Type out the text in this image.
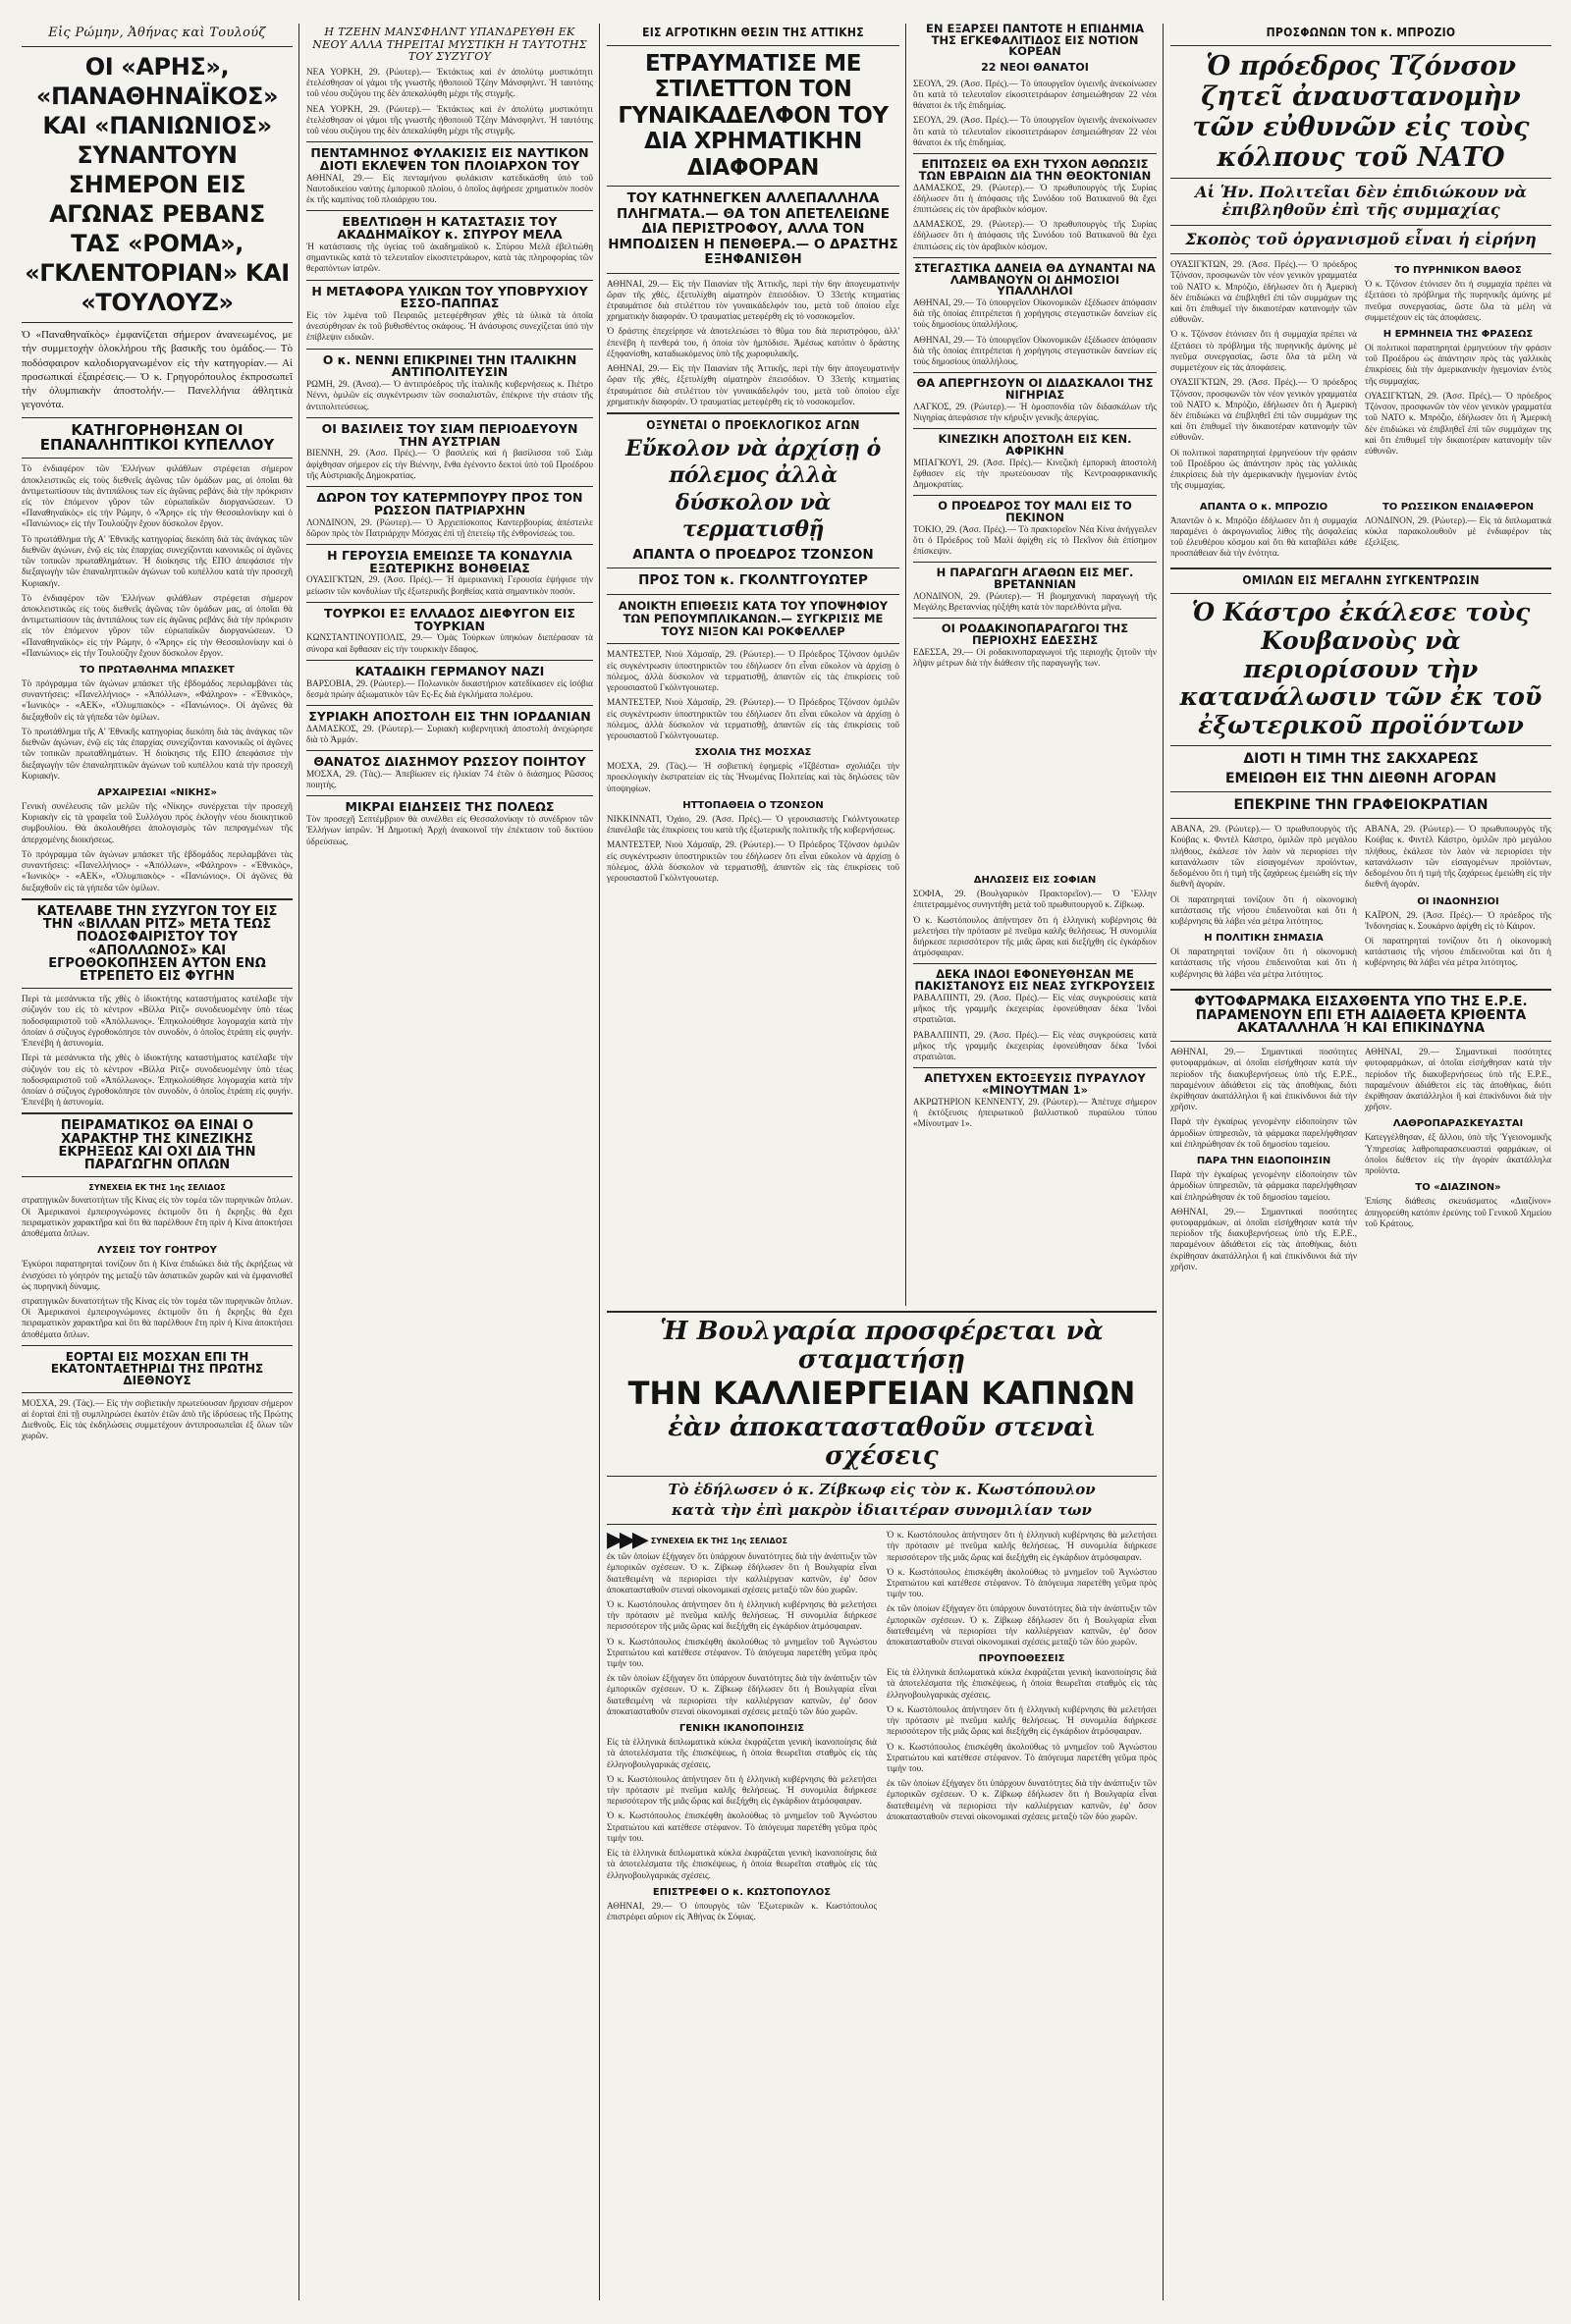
Εἰς Ρώμην, Ἀθήνας καὶ Τουλούζ
ΟΙ «ΑΡΗΣ», «ΠΑΝΑΘΗΝΑΪΚΟΣ» ΚΑΙ «ΠΑΝΙΩΝΙΟΣ» ΣΥΝΑΝΤΟΥΝ ΣΗΜΕΡΟΝ ΕΙΣ ΑΓΩΝΑΣ ΡΕΒΑΝΣ ΤΑΣ «ΡΟΜΑ», «ΓΚΛΕΝΤΟΡΙΑΝ» ΚΑΙ «ΤΟΥΛΟΥΖ»
Ὁ «Παναθηναϊκὸς» ἐμφανίζεται σήμερον ἀνανεωμένος, με τὴν συμμετοχὴν ὁλοκλήρου τῆς βασικῆς του ὁμάδος.— Τὸ ποδόσφαιρον καλοδιοργανωμένον εἰς τὴν κατηγορίαν.— Αἱ προσωπικαὶ ἐξαιρέσεις.— Ὁ κ. Γρηγορόπουλος ἐκπροσωπεῖ τὴν ὀλυμπιακὴν ἀποστολήν.— Πανελλήνια ἀθλητικὰ γεγονότα.
ΚΑΤΗΓΟΡΗΘΗΣΑΝ ΟΙ ΕΠΑΝΑΛΗΠΤΙΚΟΙ ΚΥΠΕΛΛΟΥ
Τὸ ἐνδιαφέρον τῶν Ἑλλήνων φιλάθλων στρέφεται σήμερον ἀποκλειστικῶς εἰς τοὺς διεθνεῖς ἀγῶνας τῶν ὁμάδων μας, αἱ ὁποῖαι θὰ ἀντιμετωπίσουν τὰς ἀντιπάλους των εἰς ἀγῶνας ρεβάνς διὰ τὴν πρόκρισιν εἰς τὸν ἑπόμενον γῦρον τῶν εὐρωπαϊκῶν διοργανώσεων. Ὁ «Παναθηναϊκὸς» εἰς τὴν Ρώμην, ὁ «Ἄρης» εἰς τὴν Θεσσαλονίκην καὶ ὁ «Πανιώνιος» εἰς τὴν Τουλούζην ἔχουν δύσκολον ἔργον.
Τὸ πρωτάθλημα τῆς Α' Ἐθνικῆς κατηγορίας διεκόπη διὰ τὰς ἀνάγκας τῶν διεθνῶν ἀγώνων, ἐνῷ εἰς τὰς ἐπαρχίας συνεχίζονται κανονικῶς οἱ ἀγῶνες τῶν τοπικῶν πρωταθλημάτων. Ἡ διοίκησις τῆς ΕΠΟ ἀπεφάσισε τὴν διεξαγωγὴν τῶν ἐπαναληπτικῶν ἀγώνων τοῦ κυπέλλου κατὰ τὴν προσεχῆ Κυριακήν.
Τὸ ἐνδιαφέρον τῶν Ἑλλήνων φιλάθλων στρέφεται σήμερον ἀποκλειστικῶς εἰς τοὺς διεθνεῖς ἀγῶνας τῶν ὁμάδων μας, αἱ ὁποῖαι θὰ ἀντιμετωπίσουν τὰς ἀντιπάλους των εἰς ἀγῶνας ρεβάνς διὰ τὴν πρόκρισιν εἰς τὸν ἑπόμενον γῦρον τῶν εὐρωπαϊκῶν διοργανώσεων. Ὁ «Παναθηναϊκὸς» εἰς τὴν Ρώμην, ὁ «Ἄρης» εἰς τὴν Θεσσαλονίκην καὶ ὁ «Πανιώνιος» εἰς τὴν Τουλούζην ἔχουν δύσκολον ἔργον.
ΤΟ ΠΡΩΤΑΘΛΗΜΑ ΜΠΑΣΚΕΤ
Τὸ πρόγραμμα τῶν ἀγώνων μπάσκετ τῆς ἑβδομάδος περιλαμβάνει τὰς συναντήσεις: «Πανελλήνιος» - «Ἀπόλλων», «Φάληρον» - «Ἐθνικὸς», «Ἰωνικὸς» - «ΑΕΚ», «Ὀλυμπιακὸς» - «Πανιώνιος». Οἱ ἀγῶνες θὰ διεξαχθοῦν εἰς τὰ γήπεδα τῶν ὁμίλων.
Τὸ πρωτάθλημα τῆς Α' Ἐθνικῆς κατηγορίας διεκόπη διὰ τὰς ἀνάγκας τῶν διεθνῶν ἀγώνων, ἐνῷ εἰς τὰς ἐπαρχίας συνεχίζονται κανονικῶς οἱ ἀγῶνες τῶν τοπικῶν πρωταθλημάτων. Ἡ διοίκησις τῆς ΕΠΟ ἀπεφάσισε τὴν διεξαγωγὴν τῶν ἐπαναληπτικῶν ἀγώνων τοῦ κυπέλλου κατὰ τὴν προσεχῆ Κυριακήν.
ΑΡΧΑΙΡΕΣΙΑΙ «ΝΙΚΗΣ»
Γενικὴ συνέλευσις τῶν μελῶν τῆς «Νίκης» συνέρχεται τὴν προσεχῆ Κυριακὴν εἰς τὰ γραφεῖα τοῦ Συλλόγου πρὸς ἐκλογὴν νέου διοικητικοῦ συμβουλίου. Θὰ ἀκολουθήσει ἀπολογισμὸς τῶν πεπραγμένων τῆς ἀπερχομένης διοικήσεως.
Τὸ πρόγραμμα τῶν ἀγώνων μπάσκετ τῆς ἑβδομάδος περιλαμβάνει τὰς συναντήσεις: «Πανελλήνιος» - «Ἀπόλλων», «Φάληρον» - «Ἐθνικὸς», «Ἰωνικὸς» - «ΑΕΚ», «Ὀλυμπιακὸς» - «Πανιώνιος». Οἱ ἀγῶνες θὰ διεξαχθοῦν εἰς τὰ γήπεδα τῶν ὁμίλων.
ΚΑΤΕΛΑΒΕ ΤΗΝ ΣΥΖΥΓΟΝ ΤΟΥ ΕΙΣ ΤΗΝ «ΒΙΛΛΑΝ ΡΙΤΖ» ΜΕΤΑ ΤΕΩΣ ΠΟΔΟΣΦΑΙΡΙΣΤΟΥ ΤΟΥ «ΑΠΟΛΛΩΝΟΣ» ΚΑΙ ΕΓΡΟΘΟΚΟΠΗΣΕΝ ΑΥΤΟΝ ΕΝΩ ΕΤΡΕΠΕΤΟ ΕΙΣ ΦΥΓΗΝ
Περὶ τὰ μεσάνυκτα τῆς χθὲς ὁ ἰδιοκτήτης καταστήματος κατέλαβε τὴν σύζυγόν του εἰς τὸ κέντρον «Βίλλα Ρίτζ» συνοδευομένην ὑπὸ τέως ποδοσφαιριστοῦ τοῦ «Ἀπόλλωνος». Ἐπηκολούθησε λογομαχία κατὰ τὴν ὁποίαν ὁ σύζυγος ἐγροθοκόπησε τὸν συνοδὸν, ὁ ὁποῖος ἐτράπη εἰς φυγήν. Ἐπενέβη ἡ ἀστυνομία.
Περὶ τὰ μεσάνυκτα τῆς χθὲς ὁ ἰδιοκτήτης καταστήματος κατέλαβε τὴν σύζυγόν του εἰς τὸ κέντρον «Βίλλα Ρίτζ» συνοδευομένην ὑπὸ τέως ποδοσφαιριστοῦ τοῦ «Ἀπόλλωνος». Ἐπηκολούθησε λογομαχία κατὰ τὴν ὁποίαν ὁ σύζυγος ἐγροθοκόπησε τὸν συνοδὸν, ὁ ὁποῖος ἐτράπη εἰς φυγήν. Ἐπενέβη ἡ ἀστυνομία.
ΠΕΙΡΑΜΑΤΙΚΟΣ ΘΑ ΕΙΝΑΙ Ο ΧΑΡΑΚΤΗΡ ΤΗΣ ΚΙΝΕΖΙΚΗΣ ΕΚΡΗΞΕΩΣ ΚΑΙ ΟΧΙ ΔΙΑ ΤΗΝ ΠΑΡΑΓΩΓΗΝ ΟΠΛΩΝ
ΣΥΝΕΧΕΙΑ ΕΚ ΤΗΣ 1ης ΣΕΛΙΔΟΣ
στρατηγικῶν δυνατοτήτων τῆς Κίνας εἰς τὸν τομέα τῶν πυρηνικῶν ὅπλων. Οἱ Ἀμερικανοὶ ἐμπειρογνώμονες ἐκτιμοῦν ὅτι ἡ ἔκρηξις θὰ ἔχει πειραματικὸν χαρακτῆρα καὶ ὅτι θὰ παρέλθουν ἔτη πρὶν ἡ Κίνα ἀποκτήσει ἀποθέματα ὅπλων.
ΛΥΣΕΙΣ ΤΟΥ ΓΟΗΤΡΟΥ
Ἐγκύροι παρατηρηταὶ τονίζουν ὅτι ἡ Κίνα ἐπιδιώκει διὰ τῆς ἐκρήξεως νὰ ἐνισχύσει τὸ γόητρόν της μεταξὺ τῶν ἀσιατικῶν χωρῶν καὶ νὰ ἐμφανισθεῖ ὡς πυρηνικὴ δύναμις.
στρατηγικῶν δυνατοτήτων τῆς Κίνας εἰς τὸν τομέα τῶν πυρηνικῶν ὅπλων. Οἱ Ἀμερικανοὶ ἐμπειρογνώμονες ἐκτιμοῦν ὅτι ἡ ἔκρηξις θὰ ἔχει πειραματικὸν χαρακτῆρα καὶ ὅτι θὰ παρέλθουν ἔτη πρὶν ἡ Κίνα ἀποκτήσει ἀποθέματα ὅπλων.
ΕΟΡΤΑΙ ΕΙΣ ΜΟΣΧΑΝ ΕΠΙ ΤΗ ΕΚΑΤΟΝΤΑΕΤΗΡΙΔΙ ΤΗΣ ΠΡΩΤΗΣ ΔΙΕΘΝΟΥΣ
ΜΟΣΧΑ, 29. (Τὰς).— Εἰς τὴν σοβιετικὴν πρωτεύουσαν ἤρχισαν σήμερον αἱ ἑορταὶ ἐπὶ τῇ συμπληρώσει ἑκατὸν ἐτῶν ἀπὸ τῆς ἱδρύσεως τῆς Πρώτης Διεθνοῦς. Εἰς τὰς ἐκδηλώσεις συμμετέχουν ἀντιπροσωπεῖαι ἐξ ὅλων τῶν χωρῶν.
Η ΤΖΕΗΝ ΜΑΝΣΦΗΛΝΤ ΥΠΑΝΔΡΕΥΘΗ ΕΚ ΝΕΟΥ ΑΛΛΑ ΤΗΡΕΙΤΑΙ ΜΥΣΤΙΚΗ Η ΤΑΥΤΟΤΗΣ ΤΟΥ ΣΥΖΥΓΟΥ
ΝΕΑ ΥΟΡΚΗ, 29. (Ρώυτερ).— Ἐκτάκτως καὶ ἐν ἀπολύτῳ μυστικότητι ἐτελέσθησαν οἱ γάμοι τῆς γνωστῆς ἠθοποιοῦ Τζέην Μάνσφηλντ. Ἡ ταυτότης τοῦ νέου συζύγου της δὲν ἀπεκαλύφθη μέχρι τῆς στιγμῆς.
ΝΕΑ ΥΟΡΚΗ, 29. (Ρώυτερ).— Ἐκτάκτως καὶ ἐν ἀπολύτῳ μυστικότητι ἐτελέσθησαν οἱ γάμοι τῆς γνωστῆς ἠθοποιοῦ Τζέην Μάνσφηλντ. Ἡ ταυτότης τοῦ νέου συζύγου της δὲν ἀπεκαλύφθη μέχρι τῆς στιγμῆς.
ΠΕΝΤΑΜΗΝΟΣ ΦΥΛΑΚΙΣΙΣ ΕΙΣ ΝΑΥΤΙΚΟΝ ΔΙΟΤΙ ΕΚΛΕΨΕΝ ΤΟΝ ΠΛΟΙΑΡΧΟΝ ΤΟΥ
ΑΘΗΝΑΙ, 29.— Εἰς πενταμήνου φυλάκισιν κατεδικάσθη ὑπὸ τοῦ Ναυτοδικείου ναύτης ἐμπορικοῦ πλοίου, ὁ ὁποῖος ἀφήρεσε χρηματικὸν ποσὸν ἐκ τῆς καμπίνας τοῦ πλοιάρχου του.
ΕΒΕΛΤΙΩΘΗ Η ΚΑΤΑΣΤΑΣΙΣ ΤΟΥ ΑΚΑΔΗΜΑΪΚΟΥ κ. ΣΠΥΡΟΥ ΜΕΛΑ
Ἡ κατάστασις τῆς ὑγείας τοῦ ἀκαδημαϊκοῦ κ. Σπύρου Μελᾶ ἐβελτιώθη σημαντικῶς κατὰ τὸ τελευταῖον εἰκοσιτετράωρον, κατὰ τὰς πληροφορίας τῶν θεραπόντων ἰατρῶν.
Η ΜΕΤΑΦΟΡΑ ΥΛΙΚΩΝ ΤΟΥ ΥΠΟΒΡΥΧΙΟΥ ΕΣΣΟ-ΠΑΠΠΑΣ
Εἰς τὸν λιμένα τοῦ Πειραιῶς μετεφέρθησαν χθὲς τὰ ὑλικὰ τὰ ὁποῖα ἀνεσύρθησαν ἐκ τοῦ βυθισθέντος σκάφους. Ἡ ἀνάσυρσις συνεχίζεται ὑπὸ τὴν ἐπίβλεψιν ειδικῶν.
Ο κ. ΝΕΝΝΙ ΕΠΙΚΡΙΝΕΙ ΤΗΝ ΙΤΑΛΙΚΗΝ ΑΝΤΙΠΟΛΙΤΕΥΣΙΝ
ΡΩΜΗ, 29. (Ἀνσα).— Ὁ ἀντιπρόεδρος τῆς ἰταλικῆς κυβερνήσεως κ. Πιέτρο Νέννι, ὁμιλῶν εἰς συγκέντρωσιν τῶν σοσιαλιστῶν, ἐπέκρινε τὴν στάσιν τῆς ἀντιπολιτεύσεως.
ΟΙ ΒΑΣΙΛΕΙΣ ΤΟΥ ΣΙΑΜ ΠΕΡΙΟΔΕΥΟΥΝ ΤΗΝ ΑΥΣΤΡΙΑΝ
ΒΙΕΝΝΗ, 29. (Ἀσσ. Πρές).— Ὁ βασιλεὺς καὶ ἡ βασίλισσα τοῦ Σιὰμ ἀφίχθησαν σήμερον εἰς τὴν Βιέννην, ἔνθα ἐγένοντο δεκτοὶ ὑπὸ τοῦ Προέδρου τῆς Αὐστριακῆς Δημοκρατίας.
ΔΩΡΟΝ ΤΟΥ ΚΑΤΕΡΜΠΟΥΡΥ ΠΡΟΣ ΤΟΝ ΡΩΣΣΟΝ ΠΑΤΡΙΑΡΧΗΝ
ΛΟΝΔΙΝΟΝ, 29. (Ρώυτερ).— Ὁ Ἀρχιεπίσκοπος Καντερβουρίας ἀπέστειλε δῶρον πρὸς τὸν Πατριάρχην Μόσχας ἐπὶ τῇ ἐπετείῳ τῆς ἐνθρονίσεώς του.
Η ΓΕΡΟΥΣΙΑ ΕΜΕΙΩΣΕ ΤΑ ΚΟΝΔΥΛΙΑ ΕΞΩΤΕΡΙΚΗΣ ΒΟΗΘΕΙΑΣ
ΟΥΑΣΙΓΚΤΩΝ, 29. (Ἀσσ. Πρές).— Ἡ ἀμερικανικὴ Γερουσία ἐψήφισε τὴν μείωσιν τῶν κονδυλίων τῆς ἐξωτερικῆς βοηθείας κατὰ σημαντικὸν ποσόν.
ΤΟΥΡΚΟΙ ΕΞ ΕΛΛΑΔΟΣ ΔΙΕΦΥΓΟΝ ΕΙΣ ΤΟΥΡΚΙΑΝ
ΚΩΝΣΤΑΝΤΙΝΟΥΠΟΛΙΣ, 29.— Ὁμὰς Τούρκων ὑπηκόων διεπέρασαν τὰ σύνορα καὶ ἔφθασαν εἰς τὴν τουρκικὴν ἔδαφος.
ΚΑΤΑΔΙΚΗ ΓΕΡΜΑΝΟΥ ΝΑΖΙ
ΒΑΡΣΟΒΙΑ, 29. (Ρώυτερ).— Πολωνικὸν δικαστήριον κατεδίκασεν εἰς ἰσόβια δεσμὰ πρώην ἀξιωματικὸν τῶν Ες-Ες διὰ ἐγκλήματα πολέμου.
ΣΥΡΙΑΚΗ ΑΠΟΣΤΟΛΗ ΕΙΣ ΤΗΝ ΙΟΡΔΑΝΙΑΝ
ΔΑΜΑΣΚΟΣ, 29. (Ρώυτερ).— Συριακὴ κυβερνητικὴ ἀποστολὴ ἀνεχώρησε διὰ τὸ Ἀμμάν.
ΘΑΝΑΤΟΣ ΔΙΑΣΗΜΟΥ ΡΩΣΣΟΥ ΠΟΙΗΤΟΥ
ΜΟΣΧΑ, 29. (Τὰς).— Ἀπεβίωσεν εἰς ἡλικίαν 74 ἐτῶν ὁ διάσημος Ρῶσσος ποιητὴς.
ΜΙΚΡΑΙ ΕΙΔΗΣΕΙΣ ΤΗΣ ΠΟΛΕΩΣ
Τὸν προσεχῆ Σεπτέμβριον θὰ συνέλθει εἰς Θεσσαλονίκην τὸ συνέδριον τῶν Ἑλλήνων ἰατρῶν. Ἡ Δημοτικὴ Ἀρχὴ ἀνακοινοῖ τὴν ἐπέκτασιν τοῦ δικτύου ὑδρεύσεως.
ΕΙΣ ΑΓΡΟΤΙΚΗΝ ΘΕΣΙΝ ΤΗΣ ΑΤΤΙΚΗΣ
ΕΤΡΑΥΜΑΤΙΣΕ ΜΕ ΣΤΙΛΕΤΤΟΝ ΤΟΝ ΓΥΝΑΙΚΑΔΕΛΦΟΝ ΤΟΥ ΔΙΑ ΧΡΗΜΑΤΙΚΗΝ ΔΙΑΦΟΡΑΝ
ΤΟΥ ΚΑΤΗΝΕΓΚΕΝ ΑΛΛΕΠΑΛΛΗΛΑ ΠΛΗΓΜΑΤΑ.— ΘΑ ΤΟΝ ΑΠΕΤΕΛΕΙΩΝΕ ΔΙΑ ΠΕΡΙΣΤΡΟΦΟΥ, ΑΛΛΑ ΤΟΝ ΗΜΠΟΔΙΣΕΝ Η ΠΕΝΘΕΡΑ.— Ο ΔΡΑΣΤΗΣ ΕΞΗΦΑΝΙΣΘΗ
ΑΘΗΝΑΙ, 29.— Εἰς τὴν Παιανίαν τῆς Ἀττικῆς, περὶ τὴν 6ην ἀπογευματινὴν ὥραν τῆς χθές, ἐξετυλίχθη αἱματηρὸν ἐπεισόδιον. Ὁ 33ετὴς κτηματίας ἐτραυμάτισε διὰ στιλέττου τὸν γυναικάδελφόν του, μετὰ τοῦ ὁποίου εἶχε χρηματικὴν διαφοράν. Ὁ τραυματίας μετεφέρθη εἰς τὸ νοσοκομεῖον.
Ὁ δράστης ἐπεχείρησε νὰ ἀποτελειώσει τὸ θῦμα του διὰ περιστρόφου, ἀλλ' ἐπενέβη ἡ πενθερά του, ἡ ὁποία τὸν ἠμπόδισε. Ἀμέσως κατόπιν ὁ δράστης ἐξηφανίσθη, καταδιωκόμενος ὑπὸ τῆς χωροφυλακῆς.
ΑΘΗΝΑΙ, 29.— Εἰς τὴν Παιανίαν τῆς Ἀττικῆς, περὶ τὴν 6ην ἀπογευματινὴν ὥραν τῆς χθές, ἐξετυλίχθη αἱματηρὸν ἐπεισόδιον. Ὁ 33ετὴς κτηματίας ἐτραυμάτισε διὰ στιλέττου τὸν γυναικάδελφόν του, μετὰ τοῦ ὁποίου εἶχε χρηματικὴν διαφοράν. Ὁ τραυματίας μετεφέρθη εἰς τὸ νοσοκομεῖον.
ΟΞΥΝΕΤΑΙ Ο ΠΡΟΕΚΛΟΓΙΚΟΣ ΑΓΩΝ
Εὔκολον νὰ ἀρχίσῃ ὁ πόλεμος ἀλλὰ δύσκολον νὰ τερματισθῇ
ΑΠΑΝΤΑ Ο ΠΡΟΕΔΡΟΣ ΤΖΟΝΣΟΝ
ΠΡΟΣ ΤΟΝ κ. ΓΚΟΛΝΤΓΟΥΩΤΕΡ
ΑΝΟΙΚΤΗ ΕΠΙΘΕΣΙΣ ΚΑΤΑ ΤΟΥ ΥΠΟΨΗΦΙΟΥ ΤΩΝ ΡΕΠΟΥΜΠΛΙΚΑΝΩΝ.— ΣΥΓΚΡΙΣΙΣ ΜΕ ΤΟΥΣ ΝΙΞΟΝ ΚΑΙ ΡΟΚΦΕΛΛΕΡ
ΜΑΝΤΕΣΤΕΡ, Νιοὺ Χάμσαϊρ, 29. (Ρώυτερ).— Ὁ Πρόεδρος Τζόνσον ὁμιλῶν εἰς συγκέντρωσιν ὑποστηρικτῶν του ἐδήλωσεν ὅτι εἶναι εὔκολον νὰ ἀρχίσῃ ὁ πόλεμος, ἀλλὰ δύσκολον νὰ τερματισθῇ, ἀπαντῶν εἰς τὰς ἐπικρίσεις τοῦ γερουσιαστοῦ Γκόλντγουωτερ.
ΜΑΝΤΕΣΤΕΡ, Νιοὺ Χάμσαϊρ, 29. (Ρώυτερ).— Ὁ Πρόεδρος Τζόνσον ὁμιλῶν εἰς συγκέντρωσιν ὑποστηρικτῶν του ἐδήλωσεν ὅτι εἶναι εὔκολον νὰ ἀρχίσῃ ὁ πόλεμος, ἀλλὰ δύσκολον νὰ τερματισθῇ, ἀπαντῶν εἰς τὰς ἐπικρίσεις τοῦ γερουσιαστοῦ Γκόλντγουωτερ.
ΣΧΟΛΙΑ ΤΗΣ ΜΟΣΧΑΣ
ΜΟΣΧΑ, 29. (Τὰς).— Ἡ σοβιετικὴ ἐφημερὶς «Ἰζβέστια» σχολιάζει τὴν προεκλογικὴν ἐκστρατείαν εἰς τὰς Ἡνωμένας Πολιτείας καὶ τὰς δηλώσεις τῶν ὑποψηφίων.
ΗΤΤΟΠΑΘΕΙΑ Ο ΤΖΟΝΣΟΝ
ΝΙΚΚΙΝΝΑΤΙ, Ὀχάιο, 29. (Ἀσσ. Πρές).— Ὁ γερουσιαστὴς Γκόλντγουωτερ ἐπανέλαβε τὰς ἐπικρίσεις του κατὰ τῆς ἐξωτερικῆς πολιτικῆς τῆς κυβερνήσεως.
ΜΑΝΤΕΣΤΕΡ, Νιοὺ Χάμσαϊρ, 29. (Ρώυτερ).— Ὁ Πρόεδρος Τζόνσον ὁμιλῶν εἰς συγκέντρωσιν ὑποστηρικτῶν του ἐδήλωσεν ὅτι εἶναι εὔκολον νὰ ἀρχίσῃ ὁ πόλεμος, ἀλλὰ δύσκολον νὰ τερματισθῇ, ἀπαντῶν εἰς τὰς ἐπικρίσεις τοῦ γερουσιαστοῦ Γκόλντγουωτερ.
ΕΝ ΕΞΑΡΣΕΙ ΠΑΝΤΟΤΕ Η ΕΠΙΔΗΜΙΑ ΤΗΣ ΕΓΚΕΦΑΛΙΤΙΔΟΣ ΕΙΣ ΝΟΤΙΟΝ ΚΟΡΕΑΝ
22 ΝΕΟΙ ΘΑΝΑΤΟΙ
ΣΕΟΥΛ, 29. (Ἀσσ. Πρές).— Τὸ ὑπουργεῖον ὑγιεινῆς ἀνεκοίνωσεν ὅτι κατὰ τὸ τελευταῖον εἰκοσιτετράωρον ἐσημειώθησαν 22 νέοι θάνατοι ἐκ τῆς ἐπιδημίας.
ΣΕΟΥΛ, 29. (Ἀσσ. Πρές).— Τὸ ὑπουργεῖον ὑγιεινῆς ἀνεκοίνωσεν ὅτι κατὰ τὸ τελευταῖον εἰκοσιτετράωρον ἐσημειώθησαν 22 νέοι θάνατοι ἐκ τῆς ἐπιδημίας.
ΕΠΙΤΩΣΕΙΣ ΘΑ ΕΧΗ ΤΥΧΟΝ ΑΘΩΩΣΙΣ ΤΩΝ ΕΒΡΑΙΩΝ ΔΙΑ ΤΗΝ ΘΕΟΚΤΟΝΙΑΝ
ΔΑΜΑΣΚΟΣ, 29. (Ρώυτερ).— Ὁ πρωθυπουργὸς τῆς Συρίας ἐδήλωσεν ὅτι ἡ ἀπόφασις τῆς Συνόδου τοῦ Βατικανοῦ θὰ ἔχει ἐπιπτώσεις εἰς τὸν ἀραβικὸν κόσμον.
ΔΑΜΑΣΚΟΣ, 29. (Ρώυτερ).— Ὁ πρωθυπουργὸς τῆς Συρίας ἐδήλωσεν ὅτι ἡ ἀπόφασις τῆς Συνόδου τοῦ Βατικανοῦ θὰ ἔχει ἐπιπτώσεις εἰς τὸν ἀραβικὸν κόσμον.
ΣΤΕΓΑΣΤΙΚΑ ΔΑΝΕΙΑ ΘΑ ΔΥΝΑΝΤΑΙ ΝΑ ΛΑΜΒΑΝΟΥΝ ΟΙ ΔΗΜΟΣΙΟΙ ΥΠΑΛΛΗΛΟΙ
ΑΘΗΝΑΙ, 29.— Τὸ ὑπουργεῖον Οἰκονομικῶν ἐξέδωσεν ἀπόφασιν διὰ τῆς ὁποίας ἐπιτρέπεται ἡ χορήγησις στεγαστικῶν δανείων εἰς τοὺς δημοσίους ὑπαλλήλους.
ΑΘΗΝΑΙ, 29.— Τὸ ὑπουργεῖον Οἰκονομικῶν ἐξέδωσεν ἀπόφασιν διὰ τῆς ὁποίας ἐπιτρέπεται ἡ χορήγησις στεγαστικῶν δανείων εἰς τοὺς δημοσίους ὑπαλλήλους.
ΘΑ ΑΠΕΡΓΗΣΟΥΝ ΟΙ ΔΙΔΑΣΚΑΛΟΙ ΤΗΣ ΝΙΓΗΡΙΑΣ
ΛΑΓΚΟΣ, 29. (Ρώυτερ).— Ἡ ὁμοσπονδία τῶν διδασκάλων τῆς Νιγηρίας ἀπεφάσισε τὴν κήρυξιν γενικῆς ἀπεργίας.
ΚΙΝΕΖΙΚΗ ΑΠΟΣΤΟΛΗ ΕΙΣ ΚΕΝ. ΑΦΡΙΚΗΝ
ΜΠΑΓΚΟΥΙ, 29. (Ἀσσ. Πρές).— Κινεζικὴ ἐμπορικὴ ἀποστολὴ ἔφθασεν εἰς τὴν πρωτεύουσαν τῆς Κεντροαφρικανικῆς Δημοκρατίας.
Ο ΠΡΟΕΔΡΟΣ ΤΟΥ ΜΑΛΙ ΕΙΣ ΤΟ ΠΕΚΙΝΟΝ
ΤΟΚΙΟ, 29. (Ἀσσ. Πρές).— Τὸ πρακτορεῖον Νέα Κίνα ἀνήγγειλεν ὅτι ὁ Πρόεδρος τοῦ Μαλὶ ἀφίχθη εἰς τὸ Πεκῖνον διὰ ἐπίσημον ἐπίσκεψιν.
Η ΠΑΡΑΓΩΓΗ ΑΓΑΘΩΝ ΕΙΣ ΜΕΓ. ΒΡΕΤΑΝΝΙΑΝ
ΛΟΝΔΙΝΟΝ, 29. (Ρώυτερ).— Ἡ βιομηχανικὴ παραγωγὴ τῆς Μεγάλης Βρεταννίας ηὐξήθη κατὰ τὸν παρελθόντα μῆνα.
ΟΙ ΡΟΔΑΚΙΝΟΠΑΡΑΓΩΓΟΙ ΤΗΣ ΠΕΡΙΟΧΗΣ ΕΔΕΣΣΗΣ
ΕΔΕΣΣΑ, 29.— Οἱ ροδακινοπαραγωγοὶ τῆς περιοχῆς ζητοῦν τὴν λῆψιν μέτρων διὰ τὴν διάθεσιν τῆς παραγωγῆς των.
ΔΗΛΩΣΕΙΣ ΕΙΣ ΣΟΦΙΑΝ
ΣΟΦΙΑ, 29. (Βουλγαρικὸν Πρακτορεῖον).— Ὁ Ἕλλην ἐπιτετραμμένος συνηντήθη μετὰ τοῦ πρωθυπουργοῦ κ. Ζίβκωφ.
Ὁ κ. Κωστόπουλος ἀπήντησεν ὅτι ἡ ἑλληνικὴ κυβέρνησις θὰ μελετήσει τὴν πρότασιν μὲ πνεῦμα καλῆς θελήσεως. Ἡ συνομιλία διήρκεσε περισσότερον τῆς μιᾶς ὥρας καὶ διεξήχθη εἰς ἐγκάρδιον ἀτμόσφαιραν.
ΔΕΚΑ ΙΝΔΟΙ ΕΦΟΝΕΥΘΗΣΑΝ ΜΕ ΠΑΚΙΣΤΑΝΟΥΣ ΕΙΣ ΝΕΑΣ ΣΥΓΚΡΟΥΣΕΙΣ
ΡΑΒΑΛΠΙΝΤΙ, 29. (Ἀσσ. Πρές).— Εἰς νέας συγκρούσεις κατὰ μῆκος τῆς γραμμῆς ἐκεχειρίας ἐφονεύθησαν δέκα Ἰνδοὶ στρατιῶται.
ΡΑΒΑΛΠΙΝΤΙ, 29. (Ἀσσ. Πρές).— Εἰς νέας συγκρούσεις κατὰ μῆκος τῆς γραμμῆς ἐκεχειρίας ἐφονεύθησαν δέκα Ἰνδοὶ στρατιῶται.
ΑΠΕΤΥΧΕΝ ΕΚΤΟΞΕΥΣΙΣ ΠΥΡΑΥΛΟΥ «ΜΙΝΟΥΤΜΑΝ 1»
ΑΚΡΩΤΗΡΙΟΝ ΚΕΝΝΕΝΤΥ, 29. (Ρώυτερ).— Ἀπέτυχε σήμερον ἡ ἐκτόξευσις ἠπειρωτικοῦ βαλλιστικοῦ πυραύλου τύπου «Μίνουτμαν 1».
Ἡ Βουλγαρία προσφέρεται νὰ σταματήσῃ
ΤΗΝ ΚΑΛΛΙΕΡΓΕΙΑΝ ΚΑΠΝΩΝ
ἐὰν ἀποκατασταθοῦν στεναὶ σχέσεις
Τὸ ἐδήλωσεν ὁ κ. Ζίβκωφ εἰς τὸν κ. Κωστόπουλον
κατὰ τὴν ἐπὶ μακρὸν ἰδιαιτέραν συνομιλίαν των
▶▶▶ ΣΥΝΕΧΕΙΑ ΕΚ ΤΗΣ 1ης ΣΕΛΙΔΟΣ
ἐκ τῶν ὁποίων ἐξήγαγεν ὅτι ὑπάρχουν δυνατότητες διὰ τὴν ἀνάπτυξιν τῶν ἐμπορικῶν σχέσεων. Ὁ κ. Ζίβκωφ ἐδήλωσεν ὅτι ἡ Βουλγαρία εἶναι διατεθειμένη νὰ περιορίσει τὴν καλλιέργειαν καπνῶν, ἐφ' ὅσον ἀποκατασταθοῦν στεναὶ οἰκονομικαὶ σχέσεις μεταξὺ τῶν δύο χωρῶν.
Ὁ κ. Κωστόπουλος ἀπήντησεν ὅτι ἡ ἑλληνικὴ κυβέρνησις θὰ μελετήσει τὴν πρότασιν μὲ πνεῦμα καλῆς θελήσεως. Ἡ συνομιλία διήρκεσε περισσότερον τῆς μιᾶς ὥρας καὶ διεξήχθη εἰς ἐγκάρδιον ἀτμόσφαιραν.
Ὁ κ. Κωστόπουλος ἐπισκέφθη ἀκολούθως τὸ μνημεῖον τοῦ Ἀγνώστου Στρατιώτου καὶ κατέθεσε στέφανον. Τὸ ἀπόγευμα παρετέθη γεῦμα πρὸς τιμήν του.
ἐκ τῶν ὁποίων ἐξήγαγεν ὅτι ὑπάρχουν δυνατότητες διὰ τὴν ἀνάπτυξιν τῶν ἐμπορικῶν σχέσεων. Ὁ κ. Ζίβκωφ ἐδήλωσεν ὅτι ἡ Βουλγαρία εἶναι διατεθειμένη νὰ περιορίσει τὴν καλλιέργειαν καπνῶν, ἐφ' ὅσον ἀποκατασταθοῦν στεναὶ οἰκονομικαὶ σχέσεις μεταξὺ τῶν δύο χωρῶν.
ΓΕΝΙΚΗ ΙΚΑΝΟΠΟΙΗΣΙΣ
Εἰς τὰ ἑλληνικὰ διπλωματικὰ κύκλα ἐκφράζεται γενικὴ ἱκανοποίησις διὰ τὰ ἀποτελέσματα τῆς ἐπισκέψεως, ἡ ὁποία θεωρεῖται σταθμὸς εἰς τὰς ἑλληνοβουλγαρικὰς σχέσεις.
Ὁ κ. Κωστόπουλος ἀπήντησεν ὅτι ἡ ἑλληνικὴ κυβέρνησις θὰ μελετήσει τὴν πρότασιν μὲ πνεῦμα καλῆς θελήσεως. Ἡ συνομιλία διήρκεσε περισσότερον τῆς μιᾶς ὥρας καὶ διεξήχθη εἰς ἐγκάρδιον ἀτμόσφαιραν.
Ὁ κ. Κωστόπουλος ἐπισκέφθη ἀκολούθως τὸ μνημεῖον τοῦ Ἀγνώστου Στρατιώτου καὶ κατέθεσε στέφανον. Τὸ ἀπόγευμα παρετέθη γεῦμα πρὸς τιμήν του.
Εἰς τὰ ἑλληνικὰ διπλωματικὰ κύκλα ἐκφράζεται γενικὴ ἱκανοποίησις διὰ τὰ ἀποτελέσματα τῆς ἐπισκέψεως, ἡ ὁποία θεωρεῖται σταθμὸς εἰς τὰς ἑλληνοβουλγαρικὰς σχέσεις.
ΕΠΙΣΤΡΕΦΕΙ Ο κ. ΚΩΣΤΟΠΟΥΛΟΣ
ΑΘΗΝΑΙ, 29.— Ὁ ὑπουργὸς τῶν Ἐξωτερικῶν κ. Κωστόπουλος ἐπιστρέφει αὔριον εἰς Ἀθήνας ἐκ Σόφιας.
Ὁ κ. Κωστόπουλος ἀπήντησεν ὅτι ἡ ἑλληνικὴ κυβέρνησις θὰ μελετήσει τὴν πρότασιν μὲ πνεῦμα καλῆς θελήσεως. Ἡ συνομιλία διήρκεσε περισσότερον τῆς μιᾶς ὥρας καὶ διεξήχθη εἰς ἐγκάρδιον ἀτμόσφαιραν.
Ὁ κ. Κωστόπουλος ἐπισκέφθη ἀκολούθως τὸ μνημεῖον τοῦ Ἀγνώστου Στρατιώτου καὶ κατέθεσε στέφανον. Τὸ ἀπόγευμα παρετέθη γεῦμα πρὸς τιμήν του.
ἐκ τῶν ὁποίων ἐξήγαγεν ὅτι ὑπάρχουν δυνατότητες διὰ τὴν ἀνάπτυξιν τῶν ἐμπορικῶν σχέσεων. Ὁ κ. Ζίβκωφ ἐδήλωσεν ὅτι ἡ Βουλγαρία εἶναι διατεθειμένη νὰ περιορίσει τὴν καλλιέργειαν καπνῶν, ἐφ' ὅσον ἀποκατασταθοῦν στεναὶ οἰκονομικαὶ σχέσεις μεταξὺ τῶν δύο χωρῶν.
ΠΡΟΥΠΟΘΕΣΕΙΣ
Εἰς τὰ ἑλληνικὰ διπλωματικὰ κύκλα ἐκφράζεται γενικὴ ἱκανοποίησις διὰ τὰ ἀποτελέσματα τῆς ἐπισκέψεως, ἡ ὁποία θεωρεῖται σταθμὸς εἰς τὰς ἑλληνοβουλγαρικὰς σχέσεις.
Ὁ κ. Κωστόπουλος ἀπήντησεν ὅτι ἡ ἑλληνικὴ κυβέρνησις θὰ μελετήσει τὴν πρότασιν μὲ πνεῦμα καλῆς θελήσεως. Ἡ συνομιλία διήρκεσε περισσότερον τῆς μιᾶς ὥρας καὶ διεξήχθη εἰς ἐγκάρδιον ἀτμόσφαιραν.
Ὁ κ. Κωστόπουλος ἐπισκέφθη ἀκολούθως τὸ μνημεῖον τοῦ Ἀγνώστου Στρατιώτου καὶ κατέθεσε στέφανον. Τὸ ἀπόγευμα παρετέθη γεῦμα πρὸς τιμήν του.
ἐκ τῶν ὁποίων ἐξήγαγεν ὅτι ὑπάρχουν δυνατότητες διὰ τὴν ἀνάπτυξιν τῶν ἐμπορικῶν σχέσεων. Ὁ κ. Ζίβκωφ ἐδήλωσεν ὅτι ἡ Βουλγαρία εἶναι διατεθειμένη νὰ περιορίσει τὴν καλλιέργειαν καπνῶν, ἐφ' ὅσον ἀποκατασταθοῦν στεναὶ οἰκονομικαὶ σχέσεις μεταξὺ τῶν δύο χωρῶν.
ΠΡΟΣΦΩΝΩΝ ΤΟΝ κ. ΜΠΡΟΖΙΟ
Ὁ πρόεδρος Τζόνσον ζητεῖ ἀναυστανομὴν τῶν εὐθυνῶν εἰς τοὺς κόλπους τοῦ ΝΑΤΟ
Αἱ Ἡν. Πολιτεῖαι δὲν ἐπιδιώκουν νὰ ἐπιβληθοῦν ἐπὶ τῆς συμμαχίας
Σκοπὸς τοῦ ὀργανισμοῦ εἶναι ἡ εἰρήνη
ΟΥΑΣΙΓΚΤΩΝ, 29. (Ἀσσ. Πρές).— Ὁ πρόεδρος Τζόνσον, προσφωνῶν τὸν νέον γενικὸν γραμματέα τοῦ ΝΑΤΟ κ. Μπρόζιο, ἐδήλωσεν ὅτι ἡ Ἀμερικὴ δὲν ἐπιδιώκει νὰ ἐπιβληθεῖ ἐπὶ τῶν συμμάχων της καὶ ὅτι ἐπιθυμεῖ τὴν δικαιοτέραν κατανομὴν τῶν εὐθυνῶν.
Ὁ κ. Τζόνσον ἐτόνισεν ὅτι ἡ συμμαχία πρέπει νὰ ἐξετάσει τὸ πρόβλημα τῆς πυρηνικῆς ἀμύνης μὲ πνεῦμα συνεργασίας, ὥστε ὅλα τὰ μέλη νὰ συμμετέχουν εἰς τὰς ἀποφάσεις.
ΟΥΑΣΙΓΚΤΩΝ, 29. (Ἀσσ. Πρές).— Ὁ πρόεδρος Τζόνσον, προσφωνῶν τὸν νέον γενικὸν γραμματέα τοῦ ΝΑΤΟ κ. Μπρόζιο, ἐδήλωσεν ὅτι ἡ Ἀμερικὴ δὲν ἐπιδιώκει νὰ ἐπιβληθεῖ ἐπὶ τῶν συμμάχων της καὶ ὅτι ἐπιθυμεῖ τὴν δικαιοτέραν κατανομὴν τῶν εὐθυνῶν.
Οἱ πολιτικοὶ παρατηρηταὶ ἑρμηνεύουν τὴν φράσιν τοῦ Προέδρου ὡς ἀπάντησιν πρὸς τὰς γαλλικὰς ἐπικρίσεις διὰ τὴν ἀμερικανικὴν ἡγεμονίαν ἐντὸς τῆς συμμαχίας.
ΤΟ ΠΥΡΗΝΙΚΟΝ ΒΑΘΟΣ
Ὁ κ. Τζόνσον ἐτόνισεν ὅτι ἡ συμμαχία πρέπει νὰ ἐξετάσει τὸ πρόβλημα τῆς πυρηνικῆς ἀμύνης μὲ πνεῦμα συνεργασίας, ὥστε ὅλα τὰ μέλη νὰ συμμετέχουν εἰς τὰς ἀποφάσεις.
Η ΕΡΜΗΝΕΙΑ ΤΗΣ ΦΡΑΣΕΩΣ
Οἱ πολιτικοὶ παρατηρηταὶ ἑρμηνεύουν τὴν φράσιν τοῦ Προέδρου ὡς ἀπάντησιν πρὸς τὰς γαλλικὰς ἐπικρίσεις διὰ τὴν ἀμερικανικὴν ἡγεμονίαν ἐντὸς τῆς συμμαχίας.
ΟΥΑΣΙΓΚΤΩΝ, 29. (Ἀσσ. Πρές).— Ὁ πρόεδρος Τζόνσον, προσφωνῶν τὸν νέον γενικὸν γραμματέα τοῦ ΝΑΤΟ κ. Μπρόζιο, ἐδήλωσεν ὅτι ἡ Ἀμερικὴ δὲν ἐπιδιώκει νὰ ἐπιβληθεῖ ἐπὶ τῶν συμμάχων της καὶ ὅτι ἐπιθυμεῖ τὴν δικαιοτέραν κατανομὴν τῶν εὐθυνῶν.
ΑΠΑΝΤΑ Ο κ. ΜΠΡΟΖΙΟ
Ἀπαντῶν ὁ κ. Μπρόζιο ἐδήλωσεν ὅτι ἡ συμμαχία παραμένει ὁ ἀκρογωνιαῖος λίθος τῆς ἀσφαλείας τοῦ ἐλευθέρου κόσμου καὶ ὅτι θὰ καταβάλει κάθε προσπάθειαν διὰ τὴν ἑνότητα.
ΤΟ ΡΩΣΣΙΚΟΝ ΕΝΔΙΑΦΕΡΟΝ
ΛΟΝΔΙΝΟΝ, 29. (Ρώυτερ).— Εἰς τὰ διπλωματικὰ κύκλα παρακολουθοῦν μὲ ἐνδιαφέρον τὰς ἐξελίξεις.
ΟΜΙΛΩΝ ΕΙΣ ΜΕΓΑΛΗΝ ΣΥΓΚΕΝΤΡΩΣΙΝ
Ὁ Κάστρο ἐκάλεσε τοὺς Κουβανοὺς νὰ περιορίσουν τὴν κατανάλωσιν τῶν ἐκ τοῦ ἐξωτερικοῦ προϊόντων
ΔΙΟΤΙ Η ΤΙΜΗ ΤΗΣ ΣΑΚΧΑΡΕΩΣ
ΕΜΕΙΩΘΗ ΕΙΣ ΤΗΝ ΔΙΕΘΝΗ ΑΓΟΡΑΝ
ΕΠΕΚΡΙΝΕ ΤΗΝ ΓΡΑΦΕΙΟΚΡΑΤΙΑΝ
ΑΒΑΝΑ, 29. (Ρώυτερ).— Ὁ πρωθυπουργὸς τῆς Κούβας κ. Φιντὲλ Κάστρο, ὁμιλῶν πρὸ μεγάλου πλήθους, ἐκάλεσε τὸν λαὸν νὰ περιορίσει τὴν κατανάλωσιν τῶν εἰσαγομένων προϊόντων, δεδομένου ὅτι ἡ τιμὴ τῆς ζαχάρεως ἐμειώθη εἰς τὴν διεθνῆ ἀγοράν.
Οἱ παρατηρηταὶ τονίζουν ὅτι ἡ οἰκονομικὴ κατάστασις τῆς νήσου ἐπιδεινοῦται καὶ ὅτι ἡ κυβέρνησις θὰ λάβει νέα μέτρα λιτότητος.
Η ΠΟΛΙΤΙΚΗ ΣΗΜΑΣΙΑ
Οἱ παρατηρηταὶ τονίζουν ὅτι ἡ οἰκονομικὴ κατάστασις τῆς νήσου ἐπιδεινοῦται καὶ ὅτι ἡ κυβέρνησις θὰ λάβει νέα μέτρα λιτότητος.
ΑΒΑΝΑ, 29. (Ρώυτερ).— Ὁ πρωθυπουργὸς τῆς Κούβας κ. Φιντὲλ Κάστρο, ὁμιλῶν πρὸ μεγάλου πλήθους, ἐκάλεσε τὸν λαὸν νὰ περιορίσει τὴν κατανάλωσιν τῶν εἰσαγομένων προϊόντων, δεδομένου ὅτι ἡ τιμὴ τῆς ζαχάρεως ἐμειώθη εἰς τὴν διεθνῆ ἀγοράν.
ΟΙ ΙΝΔΟΝΗΣΙΟΙ
ΚΑΪΡΟΝ, 29. (Ἀσσ. Πρές).— Ὁ πρόεδρος τῆς Ἰνδονησίας κ. Σουκάρνο ἀφίχθη εἰς τὸ Κάιρον.
Οἱ παρατηρηταὶ τονίζουν ὅτι ἡ οἰκονομικὴ κατάστασις τῆς νήσου ἐπιδεινοῦται καὶ ὅτι ἡ κυβέρνησις θὰ λάβει νέα μέτρα λιτότητος.
ΦΥΤΟΦΑΡΜΑΚΑ ΕΙΣΑΧΘΕΝΤΑ ΥΠΟ ΤΗΣ Ε.Ρ.Ε. ΠΑΡΑΜΕΝΟΥΝ ΕΠΙ ΕΤΗ ΑΔΙΑΘΕΤΑ ΚΡΙΘΕΝΤΑ ΑΚΑΤΑΛΛΗΛΑ Ή ΚΑΙ ΕΠΙΚΙΝΔΥΝΑ
ΑΘΗΝΑΙ, 29.— Σημαντικαὶ ποσότητες φυτοφαρμάκων, αἱ ὁποῖαι εἰσήχθησαν κατὰ τὴν περίοδον τῆς διακυβερνήσεως ὑπὸ τῆς Ε.Ρ.Ε., παραμένουν ἀδιάθετοι εἰς τὰς ἀποθήκας, διότι ἐκρίθησαν ἀκατάλληλοι ἢ καὶ ἐπικίνδυνοι διὰ τὴν χρῆσιν.
Παρὰ τὴν ἐγκαίρως γενομένην εἰδοποίησιν τῶν ἁρμοδίων ὑπηρεσιῶν, τὰ φάρμακα παρελήφθησαν καὶ ἐπληρώθησαν ἐκ τοῦ δημοσίου ταμείου.
ΠΑΡΑ ΤΗΝ ΕΙΔΟΠΟΙΗΣΙΝ
Παρὰ τὴν ἐγκαίρως γενομένην εἰδοποίησιν τῶν ἁρμοδίων ὑπηρεσιῶν, τὰ φάρμακα παρελήφθησαν καὶ ἐπληρώθησαν ἐκ τοῦ δημοσίου ταμείου.
ΑΘΗΝΑΙ, 29.— Σημαντικαὶ ποσότητες φυτοφαρμάκων, αἱ ὁποῖαι εἰσήχθησαν κατὰ τὴν περίοδον τῆς διακυβερνήσεως ὑπὸ τῆς Ε.Ρ.Ε., παραμένουν ἀδιάθετοι εἰς τὰς ἀποθήκας, διότι ἐκρίθησαν ἀκατάλληλοι ἢ καὶ ἐπικίνδυνοι διὰ τὴν χρῆσιν.
ΑΘΗΝΑΙ, 29.— Σημαντικαὶ ποσότητες φυτοφαρμάκων, αἱ ὁποῖαι εἰσήχθησαν κατὰ τὴν περίοδον τῆς διακυβερνήσεως ὑπὸ τῆς Ε.Ρ.Ε., παραμένουν ἀδιάθετοι εἰς τὰς ἀποθήκας, διότι ἐκρίθησαν ἀκατάλληλοι ἢ καὶ ἐπικίνδυνοι διὰ τὴν χρῆσιν.
ΛΑΘΡΟΠΑΡΑΣΚΕΥΑΣΤΑΙ
Κατεγγέλθησαν, ἐξ ἄλλου, ὑπὸ τῆς Ὑγειονομικῆς Ὑπηρεσίας λαθροπαρασκευασταὶ φαρμάκων, οἱ ὁποῖοι διέθετον εἰς τὴν ἀγορὰν ἀκατάλληλα προϊόντα.
ΤΟ «ΔΙΑΖΙΝΟΝ»
Ἐπίσης διάθεσις σκευάσματος «Διαζίνον» ἀπηγορεύθη κατόπιν ἐρεύνης τοῦ Γενικοῦ Χημείου τοῦ Κράτους.
